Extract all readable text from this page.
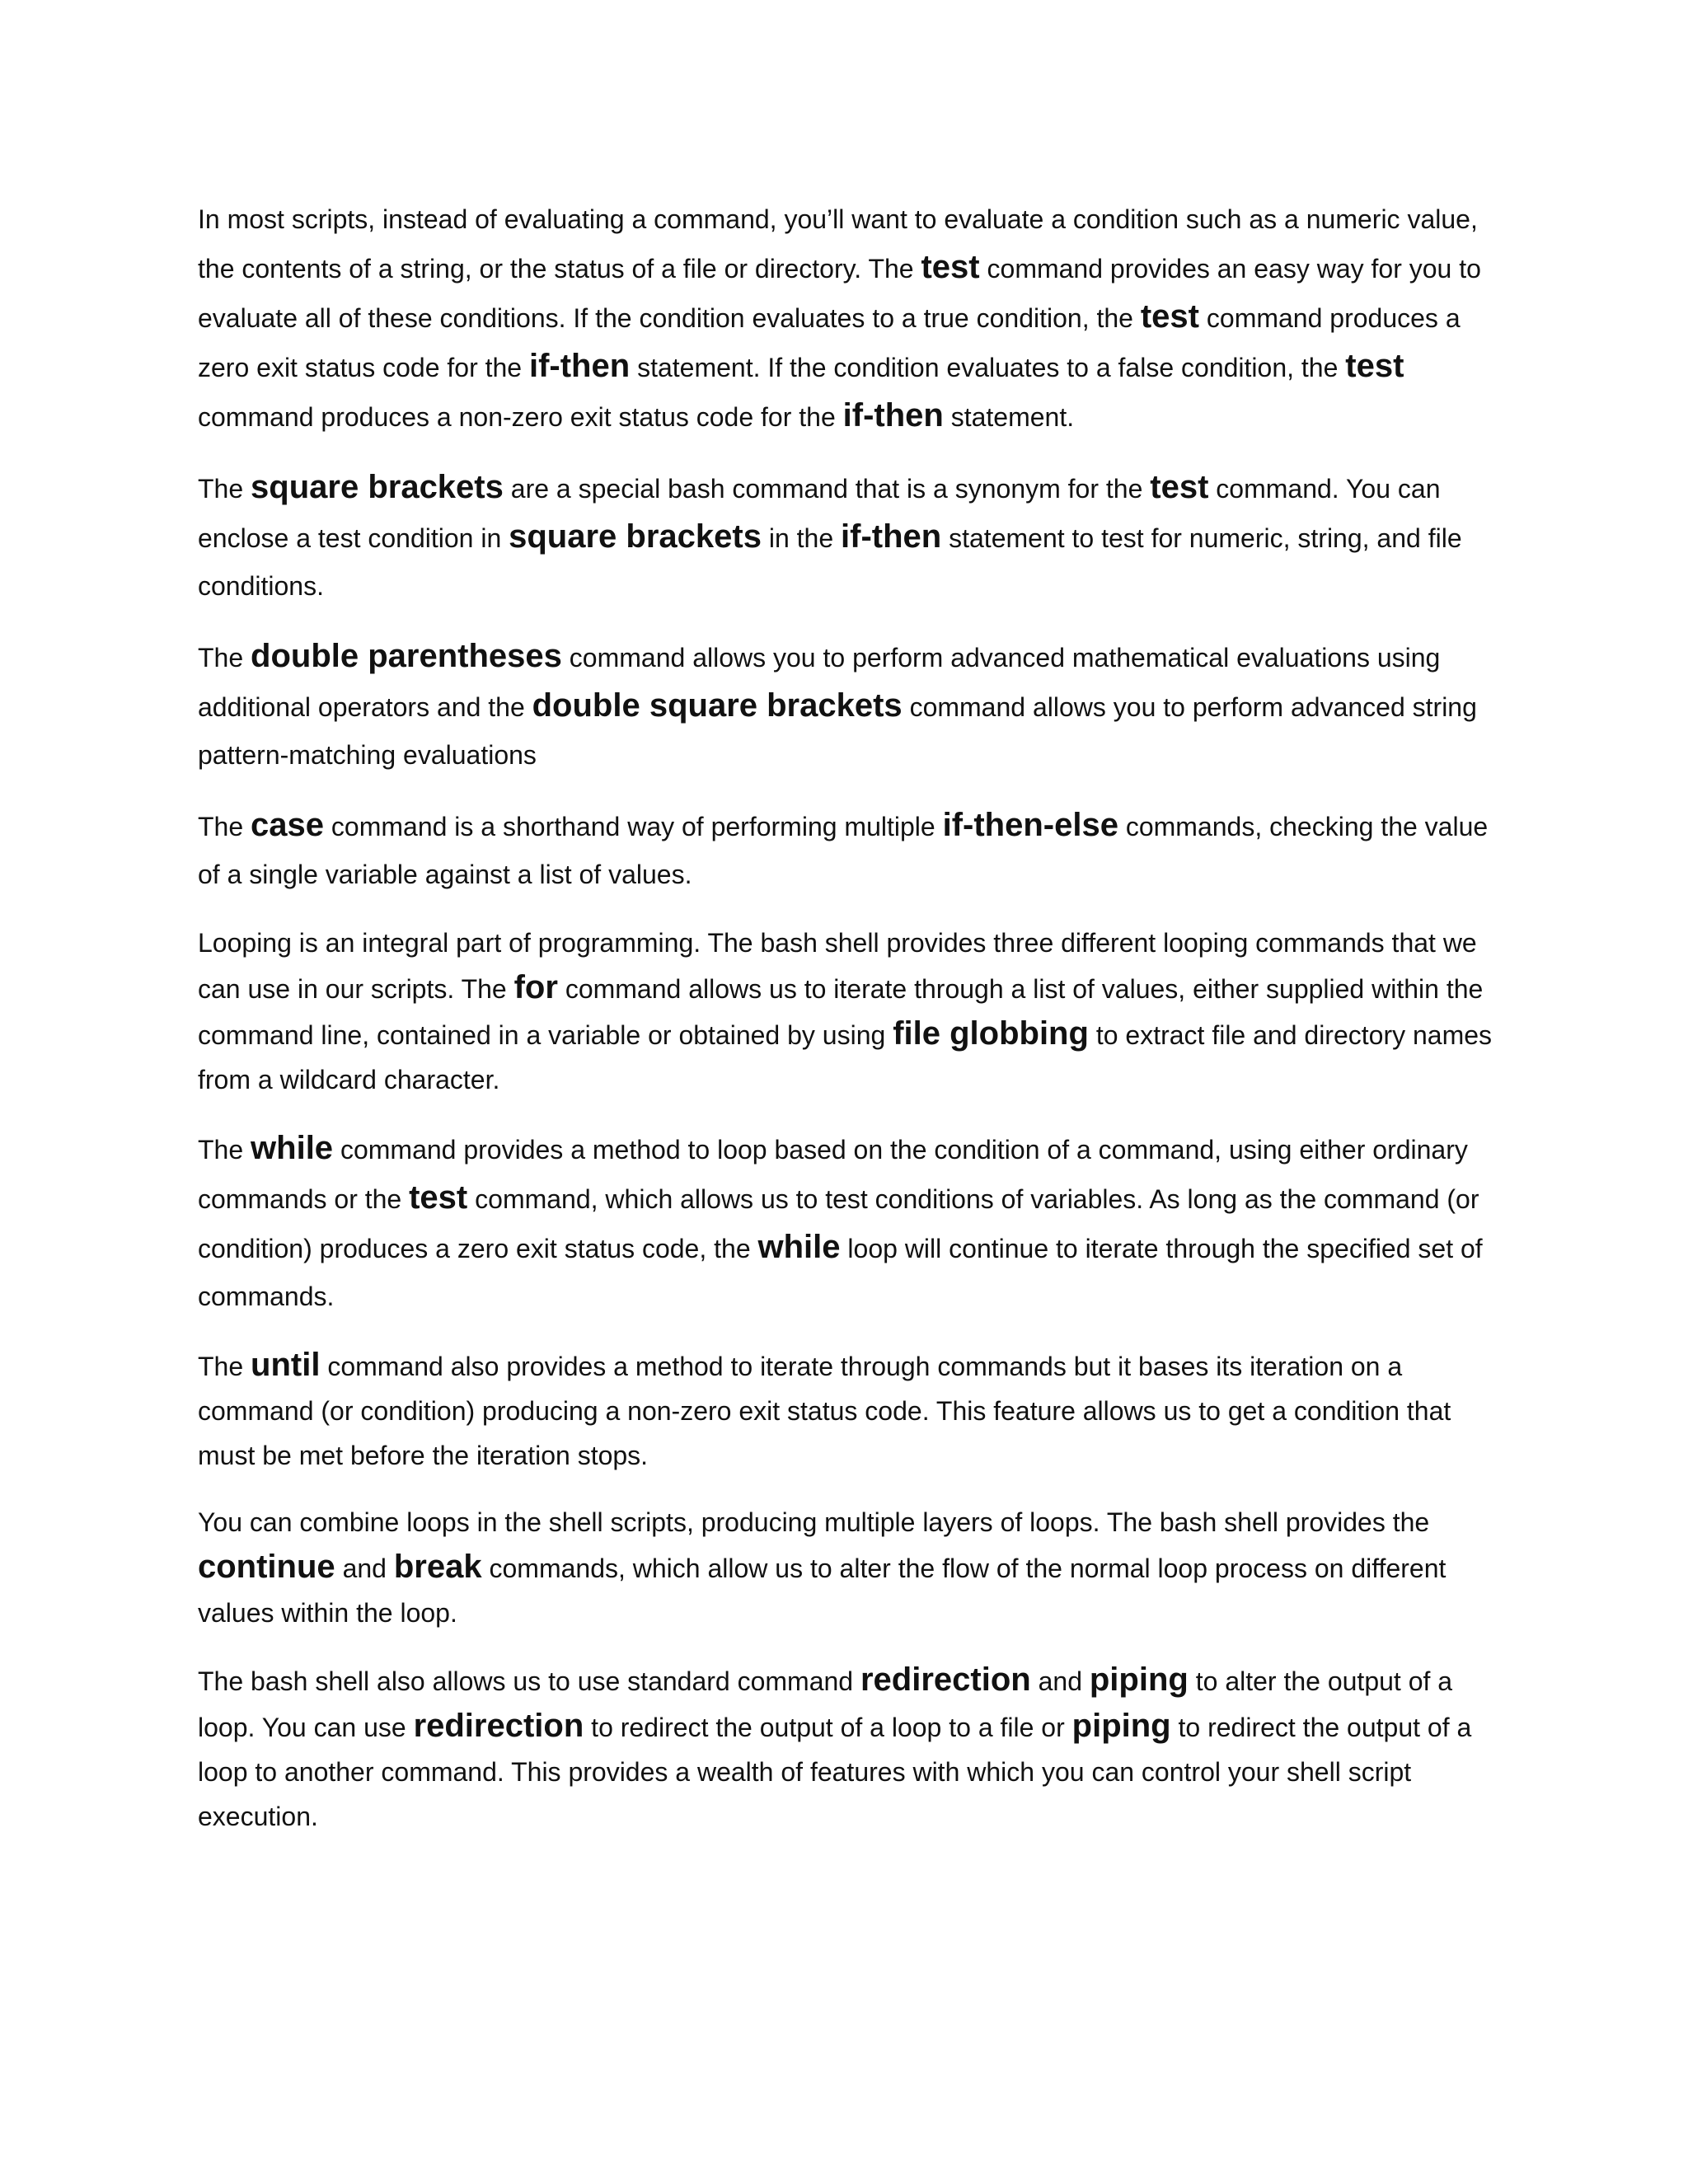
In most scripts, instead of evaluating a command, you’ll want to evaluate a condition such as a numeric value, the contents of a string, or the status of a file or directory. The test command provides an easy way for you to evaluate all of these conditions. If the condition evaluates to a true condition, the test command produces a zero exit status code for the if-then statement. If the condition evaluates to a false condition, the test command produces a non-zero exit status code for the if-then statement.

The square brackets are a special bash command that is a synonym for the test command. You can enclose a test condition in square brackets in the if-then statement to test for numeric, string, and file conditions.

The double parentheses command allows you to perform advanced mathematical evaluations using additional operators and the double square brackets command allows you to perform advanced string pattern-matching evaluations

The case command is a shorthand way of performing multiple if-then-else commands, checking the value of a single variable against a list of values.

Looping is an integral part of programming. The bash shell provides three different looping commands that we can use in our scripts. The for command allows us to iterate through a list of values, either supplied within the command line, contained in a variable or obtained by using file globbing to extract file and directory names from a wildcard character.

The while command provides a method to loop based on the condition of a command, using either ordinary commands or the test command, which allows us to test conditions of variables. As long as the command (or condition) produces a zero exit status code, the while loop will continue to iterate through the specified set of commands.

The until command also provides a method to iterate through commands but it bases its iteration on a command (or condition) producing a non-zero exit status code. This feature allows us to get a condition that must be met before the iteration stops.

You can combine loops in the shell scripts, producing multiple layers of loops. The bash shell provides the continue and break commands, which allow us to alter the flow of the normal loop process on different values within the loop.

The bash shell also allows us to use standard command redirection and piping to alter the output of a loop. You can use redirection to redirect the output of a loop to a file or piping to redirect the output of a loop to another command. This provides a wealth of features with which you can control your shell script execution.
